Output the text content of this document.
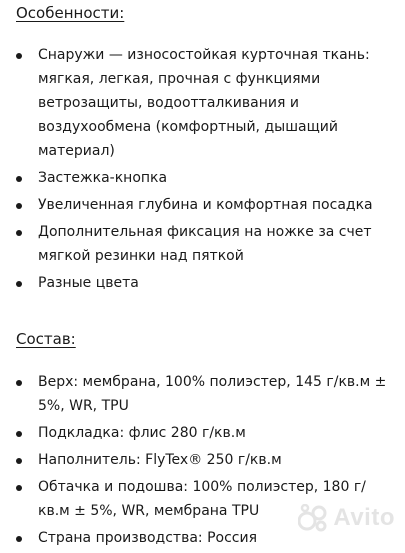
Особенности:
Снаружи — износостойкая курточная ткань: мягкая, легкая, прочная с функциями ветрозащиты, водоотталкивания и воздухообмена (комфортный, дышащий материал)
Застежка-кнопка
Увеличенная глубина и комфортная посадка
Дополнительная фиксация на ножке за счет мягкой резинки над пяткой
Разные цвета
Состав:
Верх: мембрана, 100% полиэстер, 145 г/кв.м ± 5%, WR, TPU
Подкладка: флис 280 г/кв.м
Наполнитель: FlyTex® 250 г/кв.м
Обтачка и подошва: 100% полиэстер, 180 г/кв.м ± 5%, WR, мембрана TPU
Страна производства: Россия
Avito
